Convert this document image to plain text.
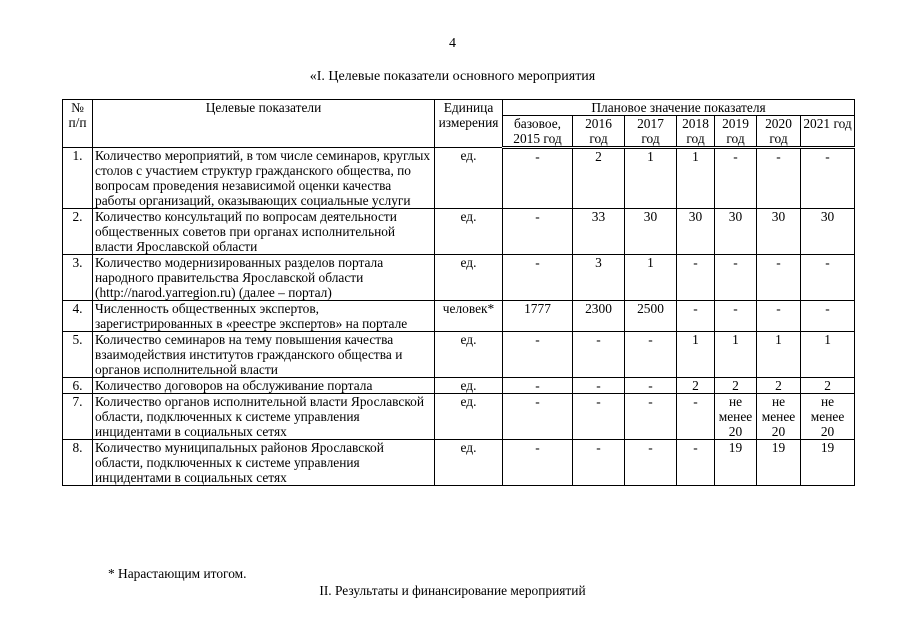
4
«I. Целевые показатели основного мероприятия
№ п/п	Целевые показатели	Единица измерения	Плановое значение показателя						
			базовое, 2015 год	2016 год	2017 год	2018 год	2019 год	2020 год	2021 год
1.	Количество мероприятий, в том числе семинаров, круглых столов с участием структур гражданского общества, по вопросам проведения независимой оценки качества работы организаций, оказывающих социальные услуги	ед.	-	2	1	1	-	-	-
2.	Количество консультаций по вопросам деятельности общественных советов при органах исполнительной власти Ярославской области	ед.	-	33	30	30	30	30	30
3.	Количество модернизированных разделов портала народного правительства Ярославской области (http://narod.yarregion.ru) (далее – портал)	ед.	-	3	1	-	-	-	-
4.	Численность общественных экспертов, зарегистрированных в «реестре экспертов» на портале	человек*	1777	2300	2500	-	-	-	-
5.	Количество семинаров на тему повышения качества взаимодействия институтов гражданского общества и органов исполнительной власти	ед.	-	-	-	1	1	1	1
6.	Количество договоров на обслуживание портала	ед.	-	-	-	2	2	2	2
7.	Количество органов исполнительной власти Ярославской области, подключенных к системе управления инцидентами в социальных сетях	ед.	-	-	-	-	не менее 20	не менее 20	не менее 20
8.	Количество муниципальных районов Ярославской области, подключенных к системе управления инцидентами в социальных сетях	ед.	-	-	-	-	19	19	19
* Нарастающим итогом.
II. Результаты и финансирование мероприятий
